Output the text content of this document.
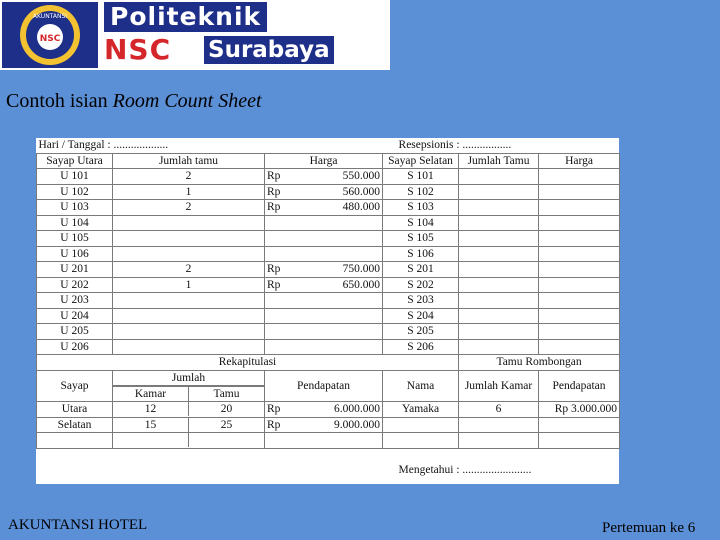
NSC
AKUNTANSI Politeknik
NSC Surabaya
Contoh isian Room Count Sheet
Hari / Tanggal : ...................			Resepsionis : .................		
Sayap Utara	Jumlah tamu	Harga	Sayap Selatan	Jumlah Tamu	Harga
U 101	2	Rp 550.000	S 101		
U 102	1	Rp 560.000	S 102		
U 103	2	Rp 480.000	S 103		
U 104			S 104		
U 105			S 105		
U 106			S 106		
U 201	2	Rp 750.000	S 201		
U 202	1	Rp 650.000	S 202		
U 203			S 203		
U 204			S 204		
U 205			S 205		
U 206			S 206		
Rekapitulasi				Tamu Rombongan	
Sayap	Jumlah	Pendapatan	Nama	Jumlah Kamar	Pendapatan

	Kamar Tamu				

Utara	12 20	Rp 6.000.000	Yamaka	6	Rp 3.000.000
Selatan	15 25	Rp 9.000.000			

			Mengetahui : ........................		
AKUNTANSI HOTEL	Pertemuan ke 6
